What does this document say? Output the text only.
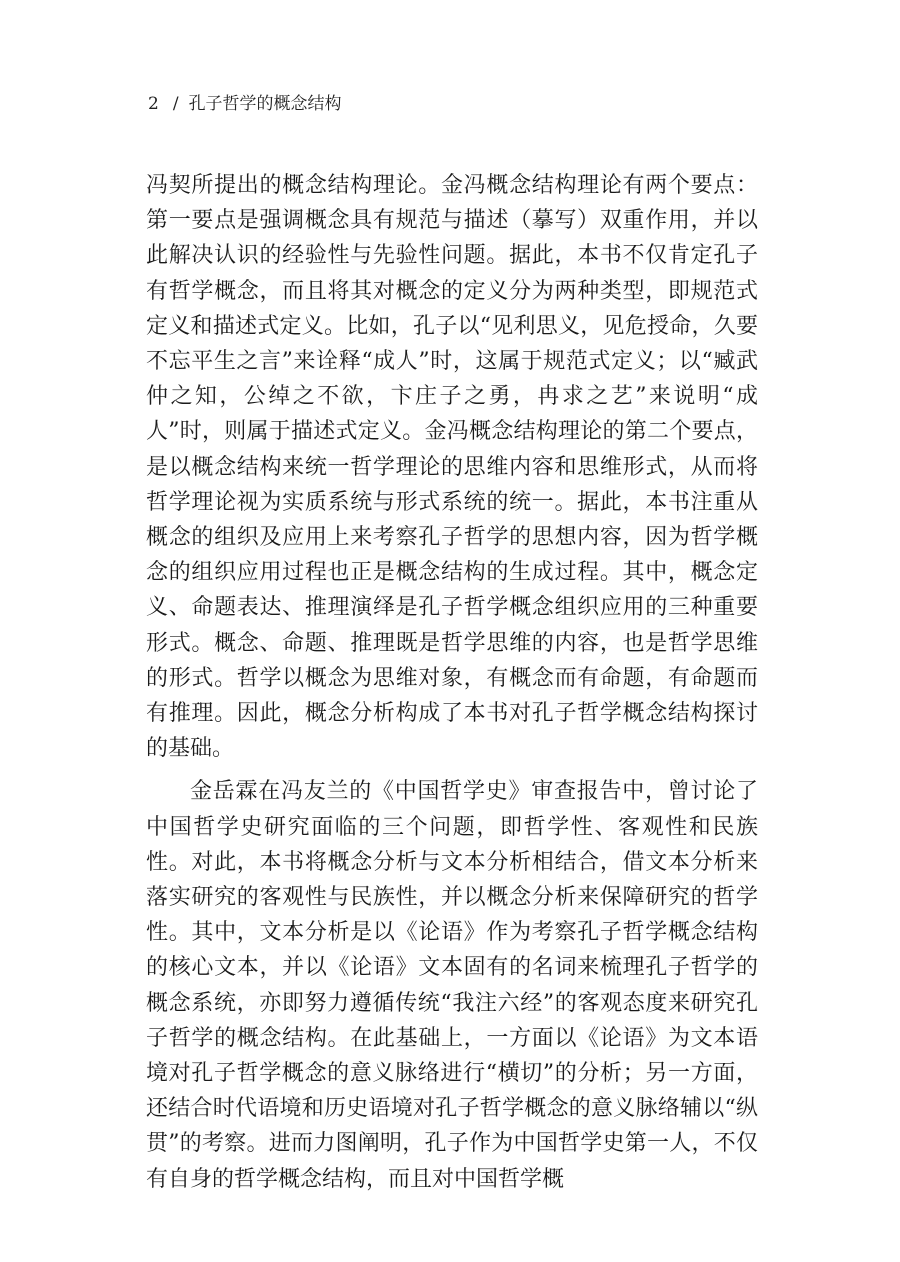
2 / 孔子哲学的概念结构

冯契所提出的概念结构理论。金冯概念结构理论有两个要点：第一要点是强调概念具有规范与描述（摹写）双重作用，并以此解决认识的经验性与先验性问题。据此，本书不仅肯定孔子有哲学概念，而且将其对概念的定义分为两种类型，即规范式定义和描述式定义。比如，孔子以“见利思义，见危授命，久要不忘平生之言”来诠释“成人”时，这属于规范式定义；以“臧武仲之知，公绰之不欲，卞庄子之勇，冉求之艺”来说明“成人”时，则属于描述式定义。金冯概念结构理论的第二个要点，是以概念结构来统一哲学理论的思维内容和思维形式，从而将哲学理论视为实质系统与形式系统的统一。据此，本书注重从概念的组织及应用上来考察孔子哲学的思想内容，因为哲学概念的组织应用过程也正是概念结构的生成过程。其中，概念定义、命题表达、推理演绎是孔子哲学概念组织应用的三种重要形式。概念、命题、推理既是哲学思维的内容，也是哲学思维的形式。哲学以概念为思维对象，有概念而有命题，有命题而有推理。因此，概念分析构成了本书对孔子哲学概念结构探讨的基础。

金岳霖在冯友兰的《中国哲学史》审查报告中，曾讨论了中国哲学史研究面临的三个问题，即哲学性、客观性和民族性。对此，本书将概念分析与文本分析相结合，借文本分析来落实研究的客观性与民族性，并以概念分析来保障研究的哲学性。其中，文本分析是以《论语》作为考察孔子哲学概念结构的核心文本，并以《论语》文本固有的名词来梳理孔子哲学的概念系统，亦即努力遵循传统“我注六经”的客观态度来研究孔子哲学的概念结构。在此基础上，一方面以《论语》为文本语境对孔子哲学概念的意义脉络进行“横切”的分析；另一方面，还结合时代语境和历史语境对孔子哲学概念的意义脉络辅以“纵贯”的考察。进而力图阐明，孔子作为中国哲学史第一人，不仅有自身的哲学概念结构，而且对中国哲学概
